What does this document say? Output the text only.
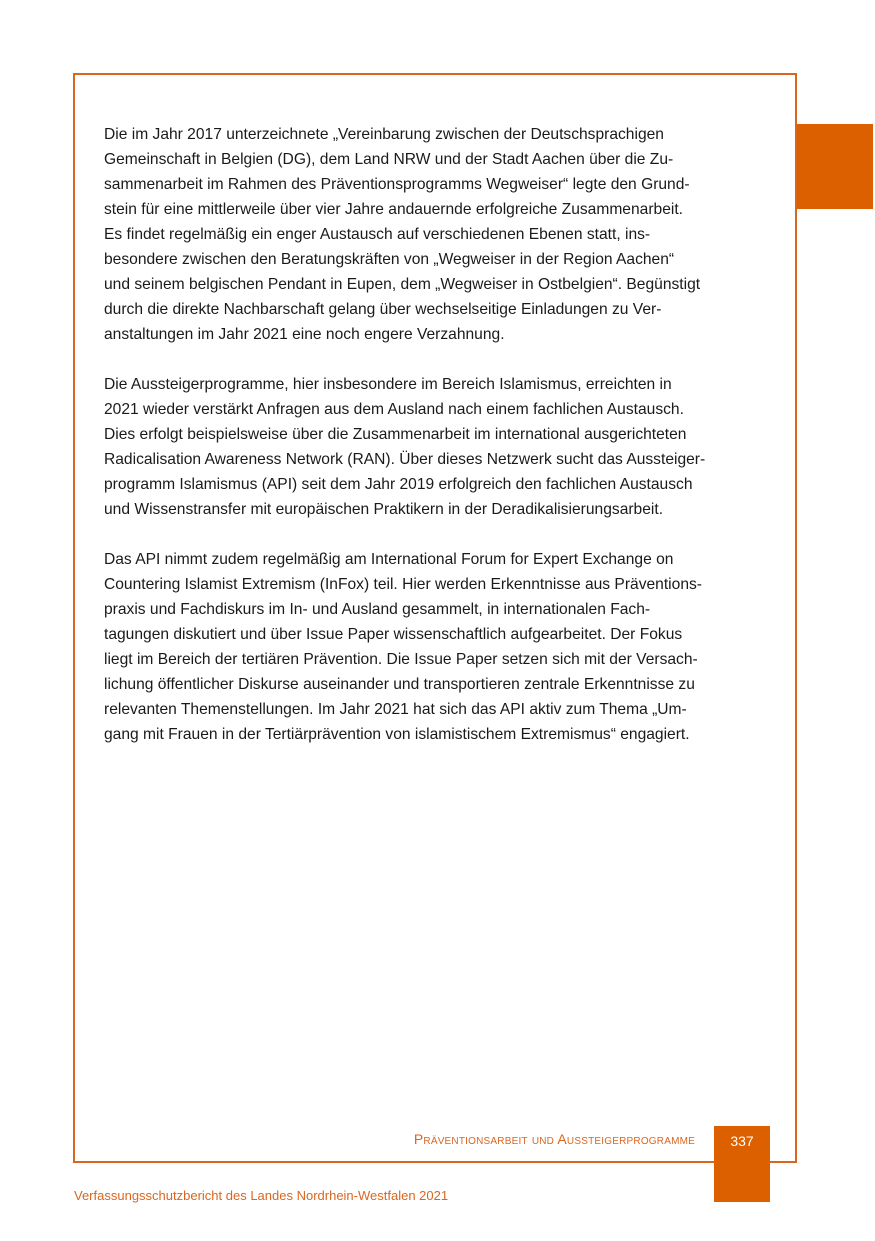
Die im Jahr 2017 unterzeichnete „Vereinbarung zwischen der Deutschsprachigen
Gemeinschaft in Belgien (DG), dem Land NRW und der Stadt Aachen über die Zu-
sammenarbeit im Rahmen des Präventionsprogramms Wegweiser“ legte den Grund-
stein für eine mittlerweile über vier Jahre andauernde erfolgreiche Zusammenarbeit.
Es findet regelmäßig ein enger Austausch auf verschiedenen Ebenen statt, ins-
besondere zwischen den Beratungskräften von „Wegweiser in der Region Aachen“
und seinem belgischen Pendant in Eupen, dem „Wegweiser in Ostbelgien“. Begünstigt
durch die direkte Nachbarschaft gelang über wechselseitige Einladungen zu Ver-
anstaltungen im Jahr 2021 eine noch engere Verzahnung.

Die Aussteigerprogramme, hier insbesondere im Bereich Islamismus, erreichten in
2021 wieder verstärkt Anfragen aus dem Ausland nach einem fachlichen Austausch.
Dies erfolgt beispielsweise über die Zusammenarbeit im international ausgerichteten
Radicalisation Awareness Network (RAN). Über dieses Netzwerk sucht das Aussteiger-
programm Islamismus (API) seit dem Jahr 2019 erfolgreich den fachlichen Austausch
und Wissenstransfer mit europäischen Praktikern in der Deradikalisierungsarbeit.

Das API nimmt zudem regelmäßig am International Forum for Expert Exchange on
Countering Islamist Extremism (InFox) teil. Hier werden Erkenntnisse aus Präventions-
praxis und Fachdiskurs im In- und Ausland gesammelt, in internationalen Fach-
tagungen diskutiert und über Issue Paper wissenschaftlich aufgearbeitet. Der Fokus
liegt im Bereich der tertiären Prävention. Die Issue Paper setzen sich mit der Versach-
lichung öffentlicher Diskurse auseinander und transportieren zentrale Erkenntnisse zu
relevanten Themenstellungen. Im Jahr 2021 hat sich das API aktiv zum Thema „Um-
gang mit Frauen in der Tertiärprävention von islamistischem Extremismus“ engagiert.

Präventionsarbeit und Aussteigerprogramme	337
Verfassungsschutzbericht des Landes Nordrhein-Westfalen 2021
